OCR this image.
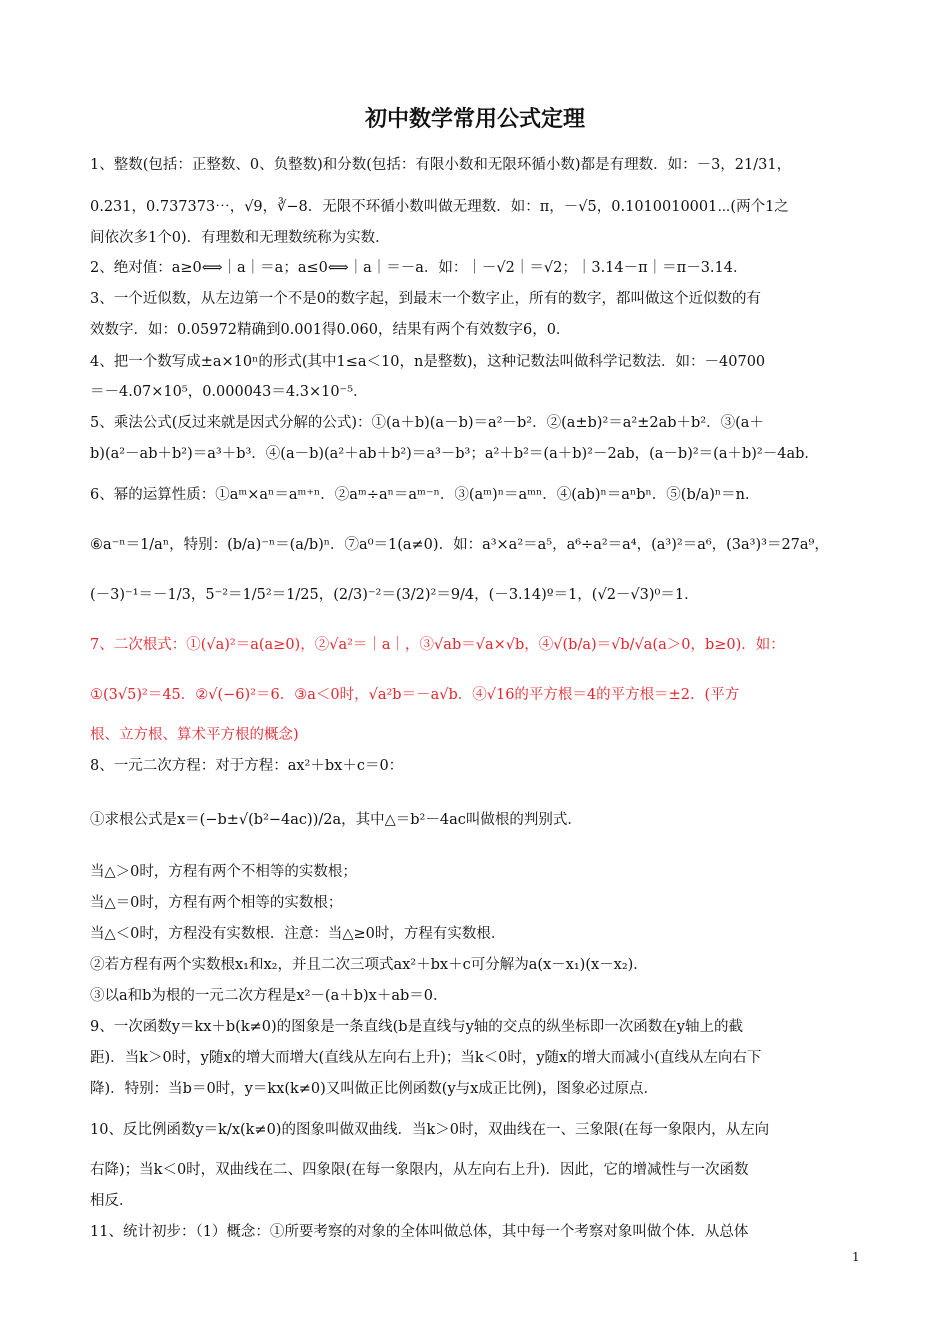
初中数学常用公式定理
1、整数(包括：正整数、0、负整数)和分数(包括：有限小数和无限环循小数)都是有理数．如：－3，21/31，
0.231，0.737373⋯，√9，∛−8．无限不环循小数叫做无理数．如：π，－√5，0.1010010001⋯(两个1之
间依次多1个0)．有理数和无理数统称为实数．
2、绝对值：a≥0⟺｜a｜＝a；a≤0⟺｜a｜＝－a．如：｜－√2｜＝√2；｜3.14－π｜＝π－3.14．
3、一个近似数，从左边第一个不是0的数字起，到最末一个数字止，所有的数字，都叫做这个近似数的有
效数字．如：0.05972精确到0.001得0.060，结果有两个有效数字6，0．
4、把一个数写成±a×10ⁿ的形式(其中1≤a＜10，n是整数)，这种记数法叫做科学记数法．如：－40700
＝－4.07×10⁵，0.000043＝4.3×10⁻⁵．
5、乘法公式(反过来就是因式分解的公式)：①(a＋b)(a－b)＝a²－b²．②(a±b)²＝a²±2ab＋b²．③(a＋
b)(a²－ab＋b²)＝a³＋b³．④(a－b)(a²＋ab＋b²)＝a³－b³；a²＋b²＝(a＋b)²－2ab，(a－b)²＝(a＋b)²－4ab．
6、幂的运算性质：①aᵐ×aⁿ＝aᵐ⁺ⁿ．②aᵐ÷aⁿ＝aᵐ⁻ⁿ．③(aᵐ)ⁿ＝aᵐⁿ．④(ab)ⁿ＝aⁿbⁿ．⑤(b/a)ⁿ＝n．
⑥a⁻ⁿ＝1/aⁿ，特别：(b/a)⁻ⁿ＝(a/b)ⁿ．⑦a⁰＝1(a≠0)．如：a³×a²＝a⁵，a⁶÷a²＝a⁴，(a³)²＝a⁶，(3a³)³＝27a⁹，
(－3)⁻¹＝－1/3，5⁻²＝1/5²＝1/25，(2/3)⁻²＝(3/2)²＝9/4，(－3.14)º＝1，(√2－√3)⁰＝1．
7、二次根式：①(√a)²＝a(a≥0)，②√a²＝｜a｜，③√ab＝√a×√b，④√(b/a)＝√b/√a(a＞0，b≥0)．如：
①(3√5)²＝45．②√(−6)²＝6．③a＜0时，√a²b＝－a√b．④√16的平方根＝4的平方根＝±2．(平方
根、立方根、算术平方根的概念)
8、一元二次方程：对于方程：ax²＋bx＋c＝0：
①求根公式是x＝(−b±√(b²−4ac))/2a，其中△＝b²－4ac叫做根的判别式．
当△＞0时，方程有两个不相等的实数根；
当△＝0时，方程有两个相等的实数根；
当△＜0时，方程没有实数根．注意：当△≥0时，方程有实数根．
②若方程有两个实数根x₁和x₂，并且二次三项式ax²＋bx＋c可分解为a(x－x₁)(x－x₂)．
③以a和b为根的一元二次方程是x²－(a＋b)x＋ab＝0．
9、一次函数y＝kx＋b(k≠0)的图象是一条直线(b是直线与y轴的交点的纵坐标即一次函数在y轴上的截
距)．当k＞0时，y随x的增大而增大(直线从左向右上升)；当k＜0时，y随x的增大而减小(直线从左向右下
降)．特别：当b＝0时，y＝kx(k≠0)又叫做正比例函数(y与x成正比例)，图象必过原点．
10、反比例函数y＝k/x(k≠0)的图象叫做双曲线．当k＞0时，双曲线在一、三象限(在每一象限内，从左向
右降)；当k＜0时，双曲线在二、四象限(在每一象限内，从左向右上升)．因此，它的增减性与一次函数
相反．
11、统计初步：（1）概念：①所要考察的对象的全体叫做总体，其中每一个考察对象叫做个体．从总体
1
